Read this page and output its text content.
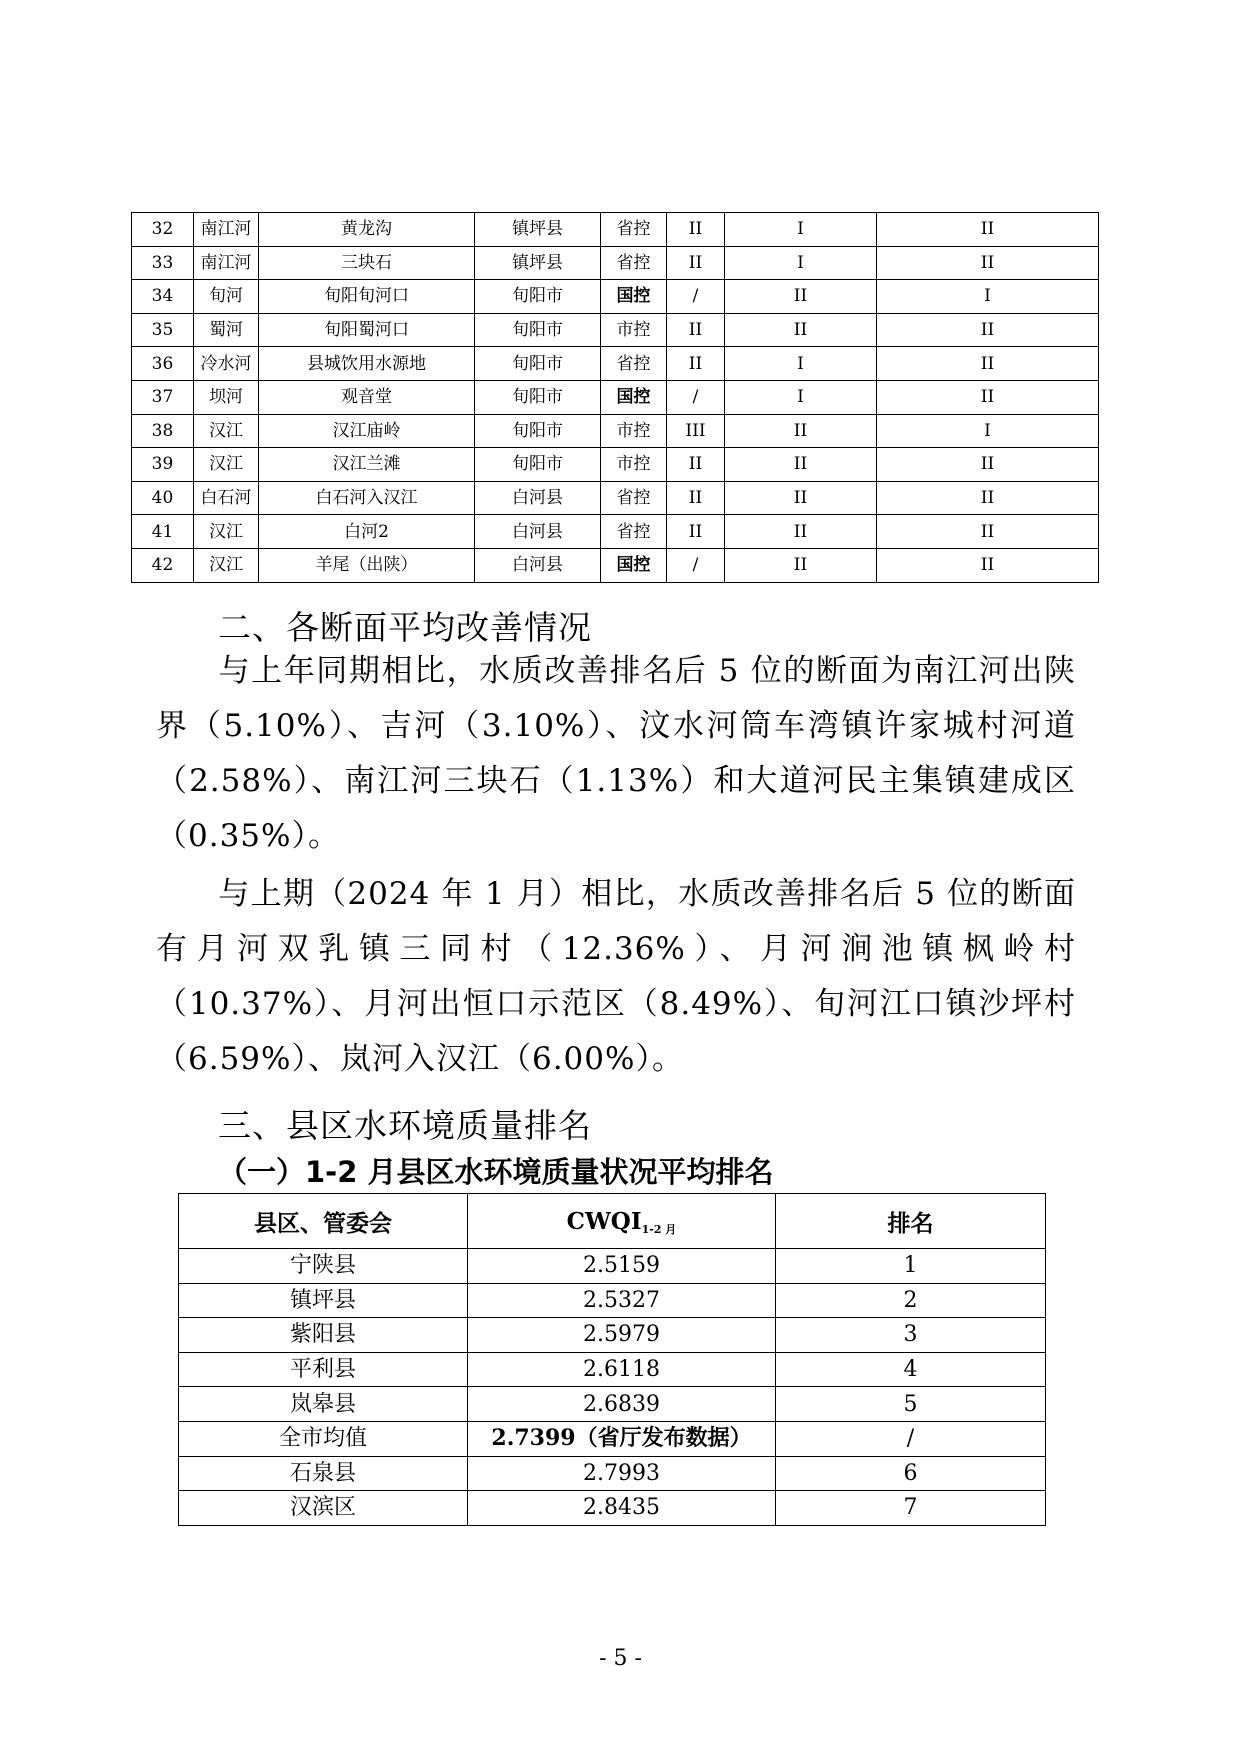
32	南江河	黄龙沟	镇坪县	省控	II	I	II
33	南江河	三块石	镇坪县	省控	II	I	II
34	旬河	旬阳旬河口	旬阳市	国控	/	II	I
35	蜀河	旬阳蜀河口	旬阳市	市控	II	II	II
36	冷水河	县城饮用水源地	旬阳市	省控	II	I	II
37	坝河	观音堂	旬阳市	国控	/	I	II
38	汉江	汉江庙岭	旬阳市	市控	III	II	I
39	汉江	汉江兰滩	旬阳市	市控	II	II	II
40	白石河	白石河入汉江	白河县	省控	II	II	II
41	汉江	白河2	白河县	省控	II	II	II
42	汉江	羊尾（出陕）	白河县	国控	/	II	II
二、各断面平均改善情况

与上年同期相比，水质改善排名后 5 位的断面为南江河出陕界（5.10%）、吉河（3.10%）、汶水河筒车湾镇许家城村河道（2.58%）、南江河三块石（1.13%）和大道河民主集镇建成区（0.35%）。

与上期（2024 年 1 月）相比，水质改善排名后 5 位的断面有月河双乳镇三同村（12.36%）、月河涧池镇枫岭村（10.37%）、月河出恒口示范区（8.49%）、旬河江口镇沙坪村（6.59%）、岚河入汉江（6.00%）。

三、县区水环境质量排名
（一）1-2 月县区水环境质量状况平均排名
县区、管委会	$CWQI_{1-2 月}$	排名
宁陕县	2.5159	1
镇坪县	2.5327	2
紫阳县	2.5979	3
平利县	2.6118	4
岚皋县	2.6839	5
全市均值	2.7399（省厅发布数据）	/
石泉县	2.7993	6
汉滨区	2.8435	7
- 5 -
